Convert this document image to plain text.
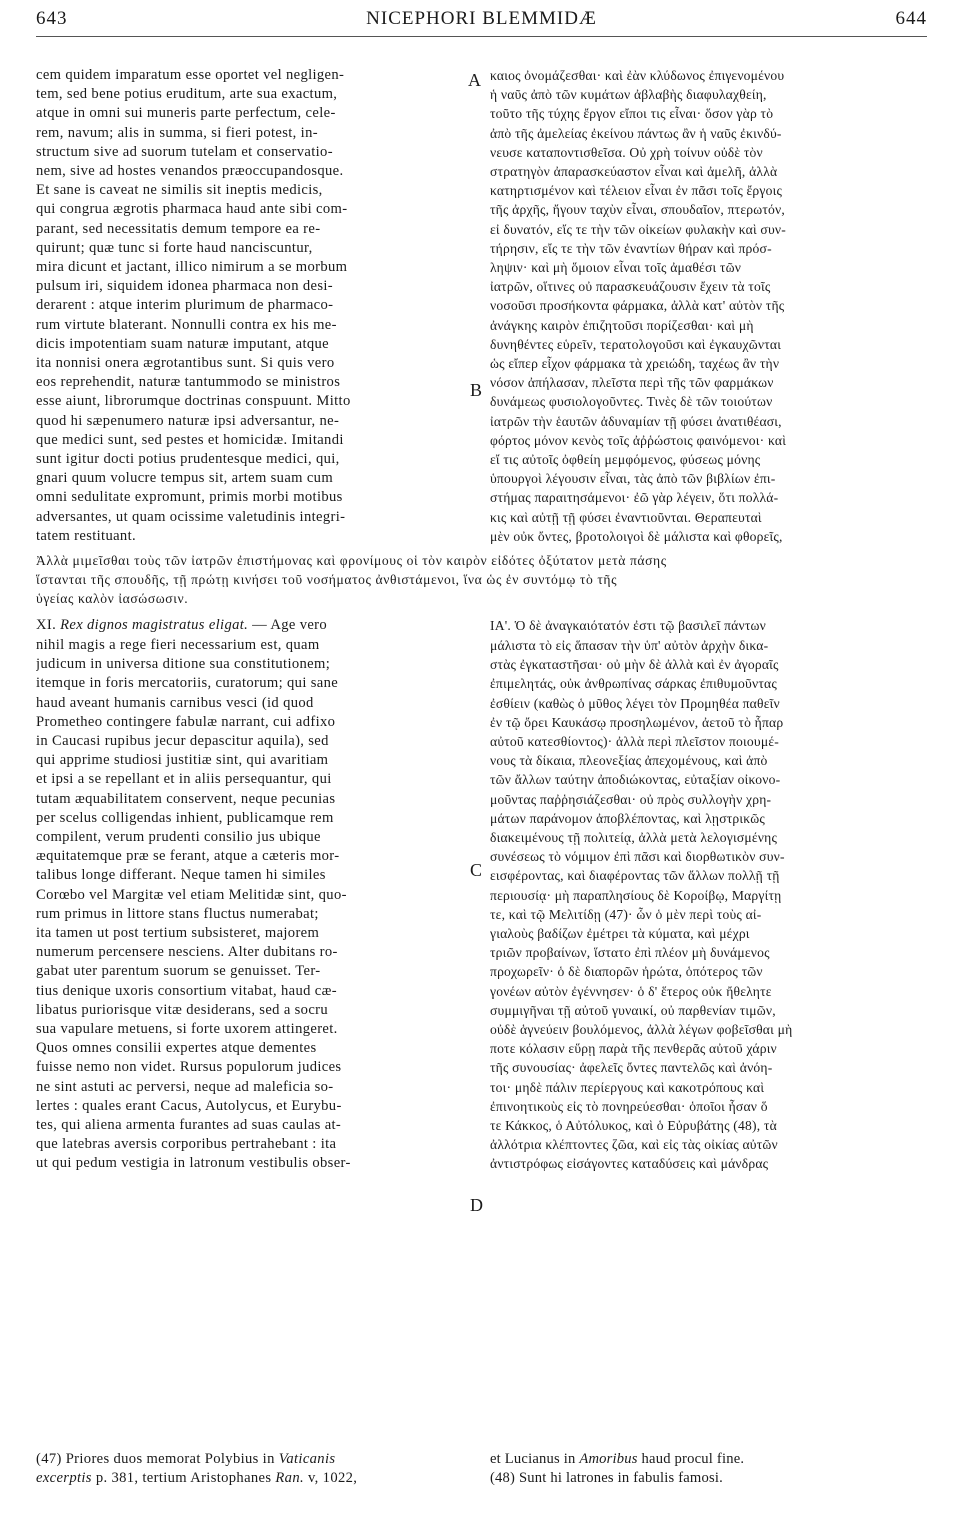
643	NICEPHORI BLEMMIDÆ	644
A
B
C
D
cem quidem imparatum esse oportet vel negligen-
tem, sed bene potius eruditum, arte sua exactum,
atque in omni sui muneris parte perfectum, cele-
rem, navum; alis in summa, si fieri potest, in-
structum sive ad suorum tutelam et conservatio-
nem, sive ad hostes venandos præoccupandosque.
Et sane is caveat ne similis sit ineptis medicis,
qui congrua ægrotis pharmaca haud ante sibi com-
parant, sed necessitatis demum tempore ea re-
quirunt; quæ tunc si forte haud nanciscuntur,
mira dicunt et jactant, illico nimirum a se morbum
pulsum iri, siquidem idonea pharmaca non desi-
derarent : atque interim plurimum de pharmaco-
rum virtute blaterant. Nonnulli contra ex his me-
dicis impotentiam suam naturæ imputant, atque
ita nonnisi onera ægrotantibus sunt. Si quis vero
eos reprehendit, naturæ tantummodo se ministros
esse aiunt, librorumque doctrinas conspuunt. Mitto
quod hi sæpenumero naturæ ipsi adversantur, ne-
que medici sunt, sed pestes et homicidæ. Imitandi
sunt igitur docti potius prudentesque medici, qui,
gnari quum volucre tempus sit, artem suam cum
omni sedulitate expromunt, primis morbi motibus
adversantes, ut quam ocissime valetudinis integri-
tatem restituant.
καιος ὀνομάζεσθαι· καὶ ἐὰν κλύδωνος ἐπιγενομένου
ἡ ναῦς ἀπὸ τῶν κυμάτων ἀβλαβὴς διαφυλαχθείη,
τοῦτο τῆς τύχης ἔργον εἴποι τις εἶναι· ὅσον γὰρ τὸ
ἀπὸ τῆς ἀμελείας ἐκείνου πάντως ἂν ἡ ναῦς ἐκινδύ-
νευσε καταποντισθεῖσα. Οὐ χρὴ τοίνυν οὐδὲ τὸν
στρατηγὸν ἀπαρασκεύαστον εἶναι καὶ ἀμελῆ, ἀλλὰ
κατηρτισμένον καὶ τέλειον εἶναι ἐν πᾶσι τοῖς ἔργοις
τῆς ἀρχῆς, ἤγουν ταχὺν εἶναι, σπουδαῖον, πτερωτόν,
εἰ δυνατόν, εἴς τε τὴν τῶν οἰκείων φυλακὴν καὶ συν-
τήρησιν, εἴς τε τὴν τῶν ἐναντίων θήραν καὶ πρόσ-
ληψιν· καὶ μὴ ὅμοιον εἶναι τοῖς ἀμαθέσι τῶν
ἰατρῶν, οἵτινες οὐ παρασκευάζουσιν ἔχειν τὰ τοῖς
νοσοῦσι προσήκοντα φάρμακα, ἀλλὰ κατ' αὐτὸν τῆς
ἀνάγκης καιρὸν ἐπιζητοῦσι πορίζεσθαι· καὶ μὴ
δυνηθέντες εὑρεῖν, τερατολογοῦσι καὶ ἐγκαυχῶνται
ὡς εἴπερ εἶχον φάρμακα τὰ χρειώδη, ταχέως ἂν τὴν
νόσον ἀπήλασαν, πλεῖστα περὶ τῆς τῶν φαρμάκων
δυνάμεως φυσιολογοῦντες. Τινὲς δὲ τῶν τοιούτων
ἰατρῶν τὴν ἑαυτῶν ἀδυναμίαν τῇ φύσει ἀνατιθέασι,
φόρτος μόνον κενὸς τοῖς ἀῤῥώστοις φαινόμενοι· καὶ
εἴ τις αὐτοῖς ὀφθείη μεμφόμενος, φύσεως μόνης
ὑπουργοὶ λέγουσιν εἶναι, τὰς ἀπὸ τῶν βιβλίων ἐπι-
στήμας παραιτησάμενοι· ἐῶ γὰρ λέγειν, ὅτι πολλά-
κις καὶ αὐτῇ τῇ φύσει ἐναντιοῦνται. Θεραπευταὶ
μὲν οὐκ ὄντες, βροτολοιγοὶ δὲ μάλιστα καὶ φθορεῖς,
Ἀλλὰ μιμεῖσθαι τοὺς τῶν ἰατρῶν ἐπιστήμονας καὶ φρονίμους οἱ τὸν καιρὸν εἰδότες ὀξύτατον μετὰ πάσης
ἵστανται τῆς σπουδῆς, τῇ πρώτῃ κινήσει τοῦ νοσήματος ἀνθιστάμενοι, ἵνα ὡς ἐν συντόμῳ τὸ τῆς
ὑγείας καλὸν ἰασώσωσιν.
XI. Rex dignos magistratus eligat. — Age vero	ΙΑ'. Ὁ δὲ ἀναγκαιότατόν ἐστι τῷ βασιλεῖ πάντων
nihil magis a rege fieri necessarium est, quam
judicum in universa ditione sua constitutionem;
itemque in foris mercatoriis, curatorum; qui sane
haud aveant humanis carnibus vesci (id quod
Prometheo contingere fabulæ narrant, cui adfixo
in Caucasi rupibus jecur depascitur aquila), sed
qui apprime studiosi justitiæ sint, qui avaritiam
et ipsi a se repellant et in aliis persequantur, qui
tutam æquabilitatem conservent, neque pecunias
per scelus colligendas inhient, publicamque rem
compilent, verum prudenti consilio jus ubique
æquitatemque præ se ferant, atque a cæteris mor-
talibus longe differant. Neque tamen hi similes
Corœbo vel Margitæ vel etiam Melitidæ sint, quo-
rum primus in littore stans fluctus numerabat;
ita tamen ut post tertium subsisteret, majorem
numerum percensere nesciens. Alter dubitans ro-
gabat uter parentum suorum se genuisset. Ter-
tius denique uxoris consortium vitabat, haud cæ-
libatus puriorisque vitæ desiderans, sed a socru
sua vapulare metuens, si forte uxorem attingeret.
Quos omnes consilii expertes atque dementes
fuisse nemo non videt. Rursus populorum judices
ne sint astuti ac perversi, neque ad maleficia so-
lertes : quales erant Cacus, Autolycus, et Eurybu-
tes, qui aliena armenta furantes ad suas caulas at-
que latebras aversis corporibus pertrahebant : ita
ut qui pedum vestigia in latronum vestibulis obser-
μάλιστα τὸ εἰς ἅπασαν τὴν ὑπ' αὐτὸν ἀρχὴν δικα-
στὰς ἐγκαταστῆσαι· οὐ μὴν δὲ ἀλλὰ καὶ ἐν ἀγοραῖς
ἐπιμελητάς, οὐκ ἀνθρωπίνας σάρκας ἐπιθυμοῦντας
ἐσθίειν (καθὼς ὁ μῦθος λέγει τὸν Προμηθέα παθεῖν
ἐν τῷ ὄρει Καυκάσῳ προσηλωμένον, ἀετοῦ τὸ ἧπαρ
αὐτοῦ κατεσθίοντος)· ἀλλὰ περὶ πλεῖστον ποιουμέ-
νους τὰ δίκαια, πλεονεξίας ἀπεχομένους, καὶ ἀπὸ
τῶν ἄλλων ταύτην ἀποδιώκοντας, εὐταξίαν οἰκονο-
μοῦντας παῤῥησιάζεσθαι· οὐ πρὸς συλλογὴν χρη-
μάτων παράνομον ἀποβλέποντας, καὶ λῃστρικῶς
διακειμένους τῇ πολιτείᾳ, ἀλλὰ μετὰ λελογισμένης
συνέσεως τὸ νόμιμον ἐπὶ πᾶσι καὶ διορθωτικὸν συν-
εισφέροντας, καὶ διαφέροντας τῶν ἄλλων πολλῇ τῇ
περιουσίᾳ· μὴ παραπλησίους δὲ Κοροίβῳ, Μαργίτῃ
τε, καὶ τῷ Μελιτίδῃ (47)· ὧν ὁ μὲν περὶ τοὺς αἰ-
γιαλοὺς βαδίζων ἐμέτρει τὰ κύματα, καὶ μέχρι
τριῶν προβαίνων, ἵστατο ἐπὶ πλέον μὴ δυνάμενος
προχωρεῖν· ὁ δὲ διαπορῶν ἠρώτα, ὁπότερος τῶν
γονέων αὐτὸν ἐγέννησεν· ὁ δ' ἕτερος οὐκ ἤθελητε
συμμιγῆναι τῇ αὐτοῦ γυναικί, οὐ παρθενίαν τιμῶν,
οὐδὲ ἁγνεύειν βουλόμενος, ἀλλὰ λέγων φοβεῖσθαι μὴ
ποτε κόλασιν εὕρῃ παρὰ τῆς πενθερᾶς αὐτοῦ χάριν
τῆς συνουσίας· ἀφελεῖς ὄντες παντελῶς καὶ ἀνόη-
τοι· μηδὲ πάλιν περίεργους καὶ κακοτρόπους καὶ
ἐπινοητικοὺς εἰς τὸ πονηρεύεσθαι· ὁποῖοι ἦσαν ὅ
τε Κάκκος, ὁ Αὐτόλυκος, καὶ ὁ Εὐρυβάτης (48), τὰ
ἀλλότρια κλέπτοντες ζῶα, καὶ εἰς τὰς οἰκίας αὐτῶν
ἀντιστρόφως εἰσάγοντες καταδύσεις καὶ μάνδρας
(47) Priores duos memorat Polybius in Vaticanis
excerptis p. 381, tertium Aristophanes Ran. v, 1022,
et Lucianus in Amoribus haud procul fine.
(48) Sunt hi latrones in fabulis famosi.
